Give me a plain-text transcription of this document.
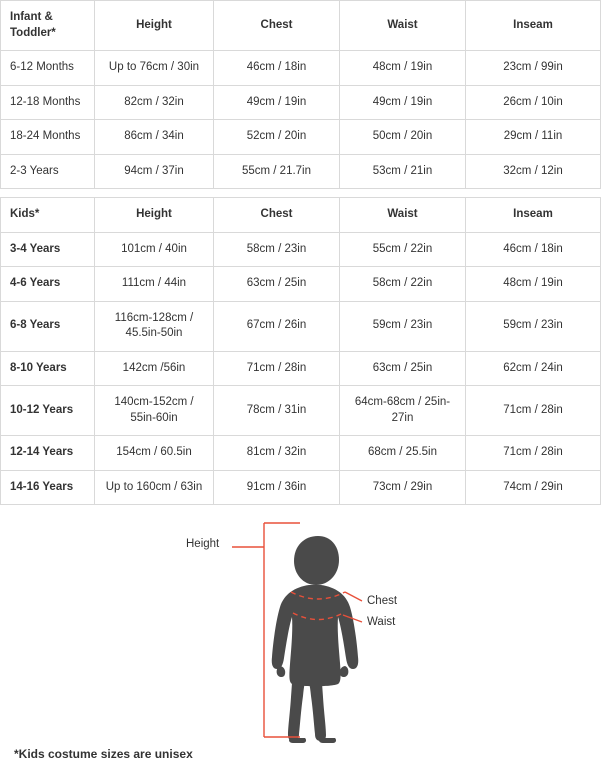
Infant & Toddler*	Height	Chest	Waist	Inseam
6-12 Months	Up to 76cm / 30in	46cm / 18in	48cm / 19in	23cm / 99in
12-18 Months	82cm / 32in	49cm / 19in	49cm / 19in	26cm / 10in
18-24 Months	86cm / 34in	52cm / 20in	50cm / 20in	29cm / 11in
2-3 Years	94cm / 37in	55cm / 21.7in	53cm / 21in	32cm / 12in
Kids*	Height	Chest	Waist	Inseam
3-4 Years	101cm / 40in	58cm / 23in	55cm / 22in	46cm / 18in
4-6 Years	111cm / 44in	63cm / 25in	58cm / 22in	48cm / 19in
6-8 Years	116cm-128cm / 45.5in-50in	67cm / 26in	59cm / 23in	59cm / 23in
8-10 Years	142cm /56in	71cm / 28in	63cm / 25in	62cm / 24in
10-12 Years	140cm-152cm / 55in-60in	78cm / 31in	64cm-68cm / 25in-27in	71cm / 28in
12-14 Years	154cm / 60.5in	81cm / 32in	68cm / 25.5in	71cm / 28in
14-16 Years	Up to 160cm / 63in	91cm / 36in	73cm / 29in	74cm / 29in
Height
Chest
Waist
*Kids costume sizes are unisex
